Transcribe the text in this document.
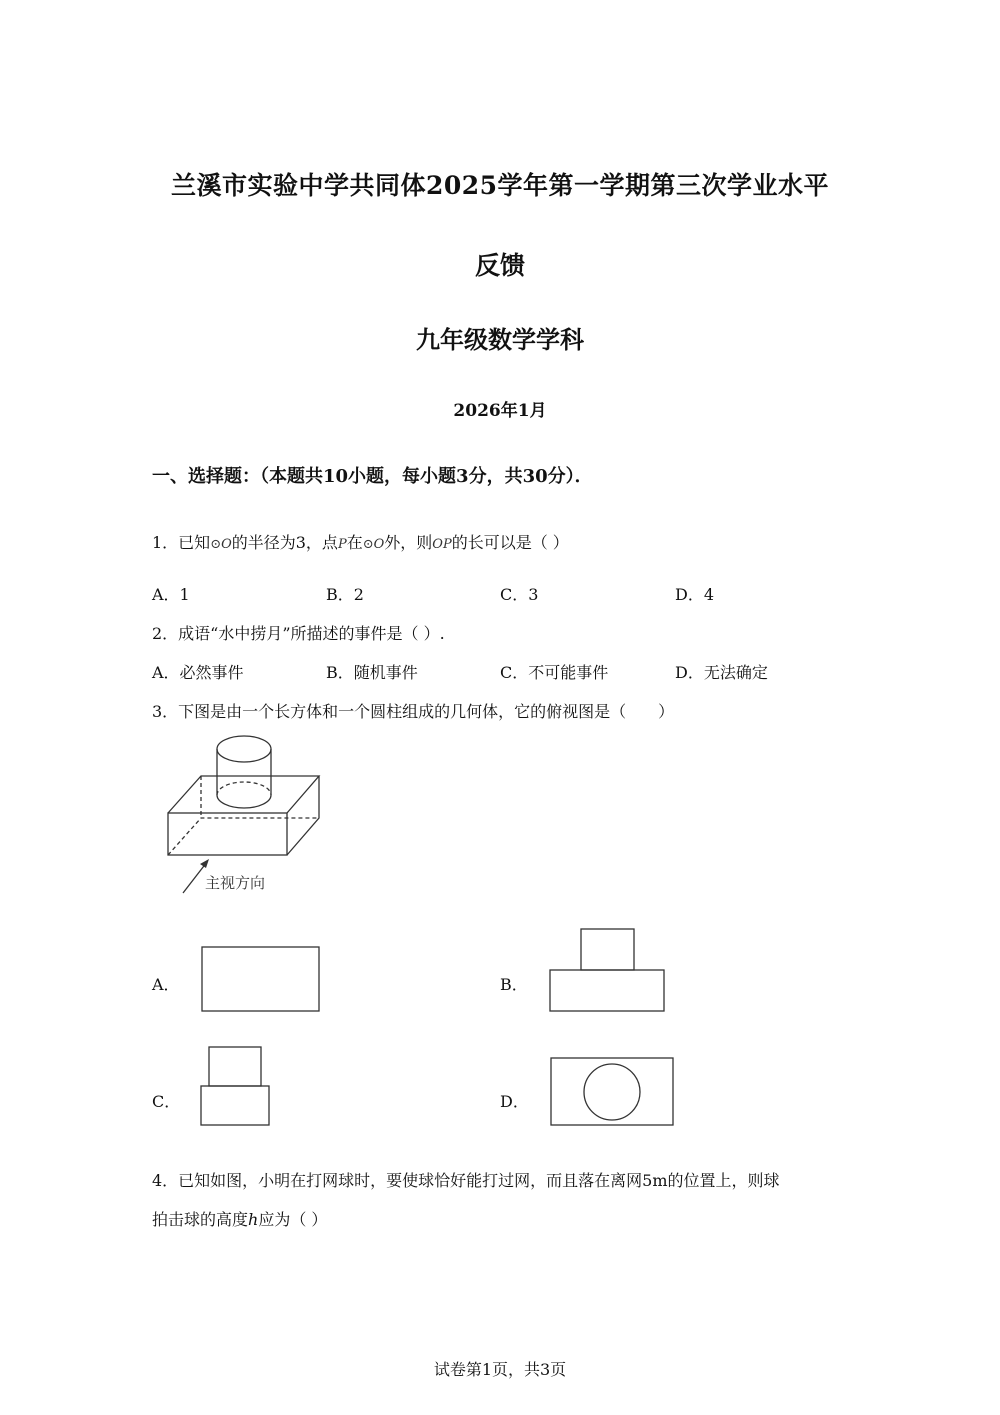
兰溪市实验中学共同体2025学年第一学期第三次学业水平
反馈
九年级数学学科
2026年1月
一、选择题：（本题共10小题，每小题3分，共30分）．
1．已知⊙O的半径为3，点P在⊙O外，则OP的长可以是（ ）
A．1	B．2	C．3	D．4
2．成语“水中捞月”所描述的事件是（ ）.
A．必然事件	B．随机事件	C．不可能事件	D．无法确定
3．下图是由一个长方体和一个圆柱组成的几何体，它的俯视图是（　　）
主视方向
A．	B．
C．	D．
4．已知如图，小明在打网球时，要使球恰好能打过网，而且落在离网5m的位置上，则球
拍击球的高度h应为（ ）
试卷第1页，共3页
